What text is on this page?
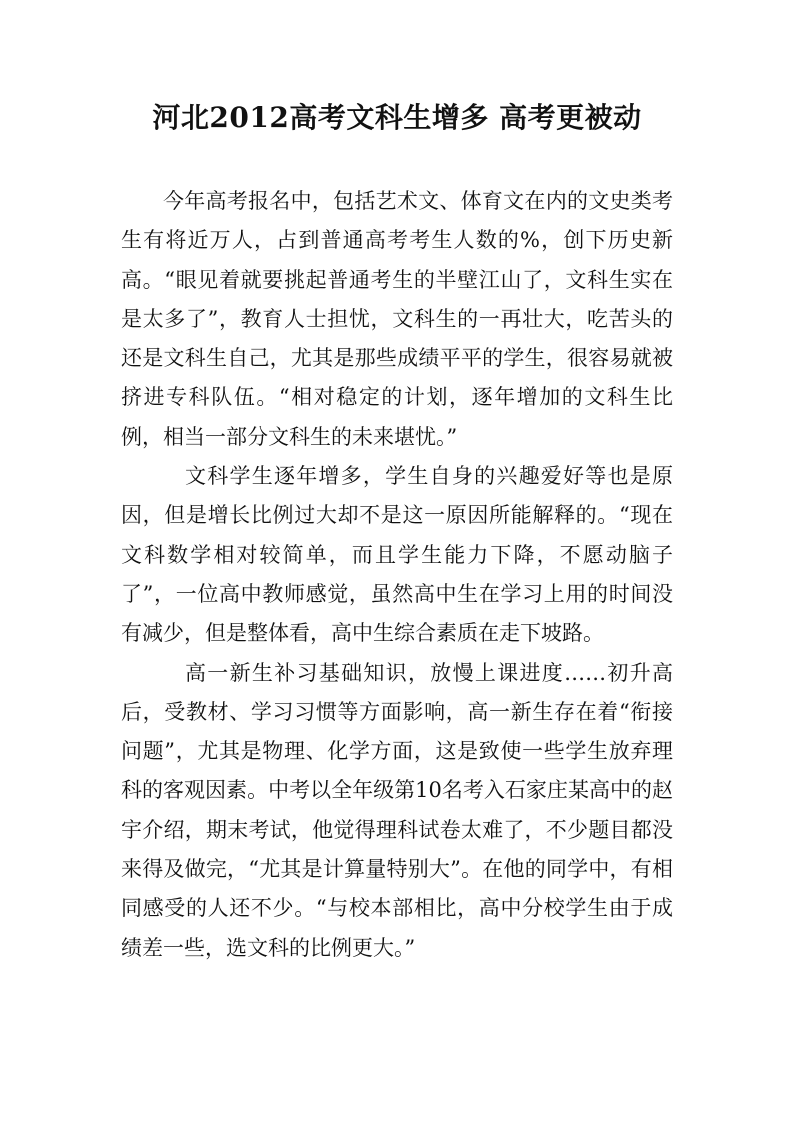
河北2012高考文科生增多 高考更被动

今年高考报名中，包括艺术文、体育文在内的文史类考生有将近万人，占到普通高考考生人数的%，创下历史新高。“眼见着就要挑起普通考生的半壁江山了，文科生实在是太多了”，教育人士担忧，文科生的一再壮大，吃苦头的还是文科生自己，尤其是那些成绩平平的学生，很容易就被挤进专科队伍。“相对稳定的计划，逐年增加的文科生比例，相当一部分文科生的未来堪忧。”

文科学生逐年增多，学生自身的兴趣爱好等也是原因，但是增长比例过大却不是这一原因所能解释的。“现在文科数学相对较简单，而且学生能力下降，不愿动脑子了”，一位高中教师感觉，虽然高中生在学习上用的时间没有减少，但是整体看，高中生综合素质在走下坡路。

高一新生补习基础知识，放慢上课进度……初升高后，受教材、学习习惯等方面影响，高一新生存在着“衔接问题”，尤其是物理、化学方面，这是致使一些学生放弃理科的客观因素。中考以全年级第10名考入石家庄某高中的赵宇介绍，期末考试，他觉得理科试卷太难了，不少题目都没来得及做完，“尤其是计算量特别大”。在他的同学中，有相同感受的人还不少。“与校本部相比，高中分校学生由于成绩差一些，选文科的比例更大。”
